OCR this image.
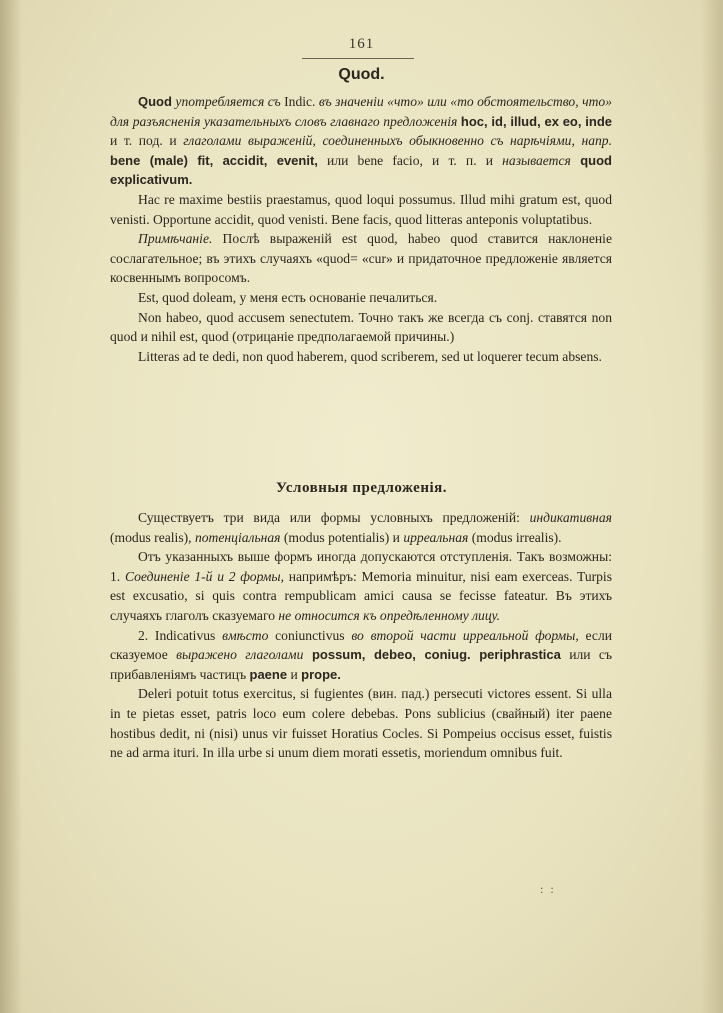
161
Quod.

Quod употребляется съ Indic. въ значеніи «что» или «то обстоятельство, что» для разъясненія указательныхъ словъ главнаго предложенія hoc, id, illud, ex eo, inde и т. под. и глаголами выраженій, соединенныхъ обыкновенно съ нарѣчіями, напр. bene (male) fit, accidit, evenit, или bene facio, и т. п. и называется quod explicativum.

Hac re maxime bestiis praestamus, quod loqui possumus. Illud mihi gratum est, quod venisti. Opportune accidit, quod venisti. Bene facis, quod litteras anteponis voluptatibus.

Примѣчаніе. Послѣ выраженій est quod, habeo quod ставится наклоненіе сослагательное; въ этихъ случаяхъ «quod= «cur» и придаточное предложеніе является косвеннымъ вопросомъ.

Est, quod doleam, у меня есть основаніе печалиться.

Non habeo, quod accusem senectutem. Точно такъ же всегда съ conj. ставятся non quod и nihil est, quod (отрицаніе предполагаемой причины.)

Litteras ad te dedi, non quod haberem, quod scriberem, sed ut loquerer tecum absens.

Условныя предложенія.

Существуетъ три вида или формы условныхъ предложеній: индикативная (modus realis), потенціальная (modus potentialis) и ирреальная (modus irrealis).

Отъ указанныхъ выше формъ иногда допускаются отступленія. Такъ возможны: 1. Соединеніе 1-й и 2 формы, напримѣръ: Memoria minuitur, nisi eam exerceas. Turpis est excusatio, si quis contra rempublicam amici causa se fecisse fateatur. Въ этихъ случаяхъ глаголъ сказуемаго не относится къ опредѣленному лицу.

2. Indicativus вмѣсто coniunctivus во второй части ирреальной формы, если сказуемое выражено глаголами possum, debeo, coniug. periphrastica или съ прибавленіямъ частицъ paene и prope.

Deleri potuit totus exercitus, si fugientes (вин. пад.) persecuti victores essent. Si ulla in te pietas esset, patris loco eum colere debebas. Pons sublicius (свайный) iter paene hostibus dedit, ni (nisi) unus vir fuisset Horatius Cocles. Si Pompeius occisus esset, fuistis ne ad arma ituri. In illa urbe si unum diem morati essetis, moriendum omnibus fuit.

: :
